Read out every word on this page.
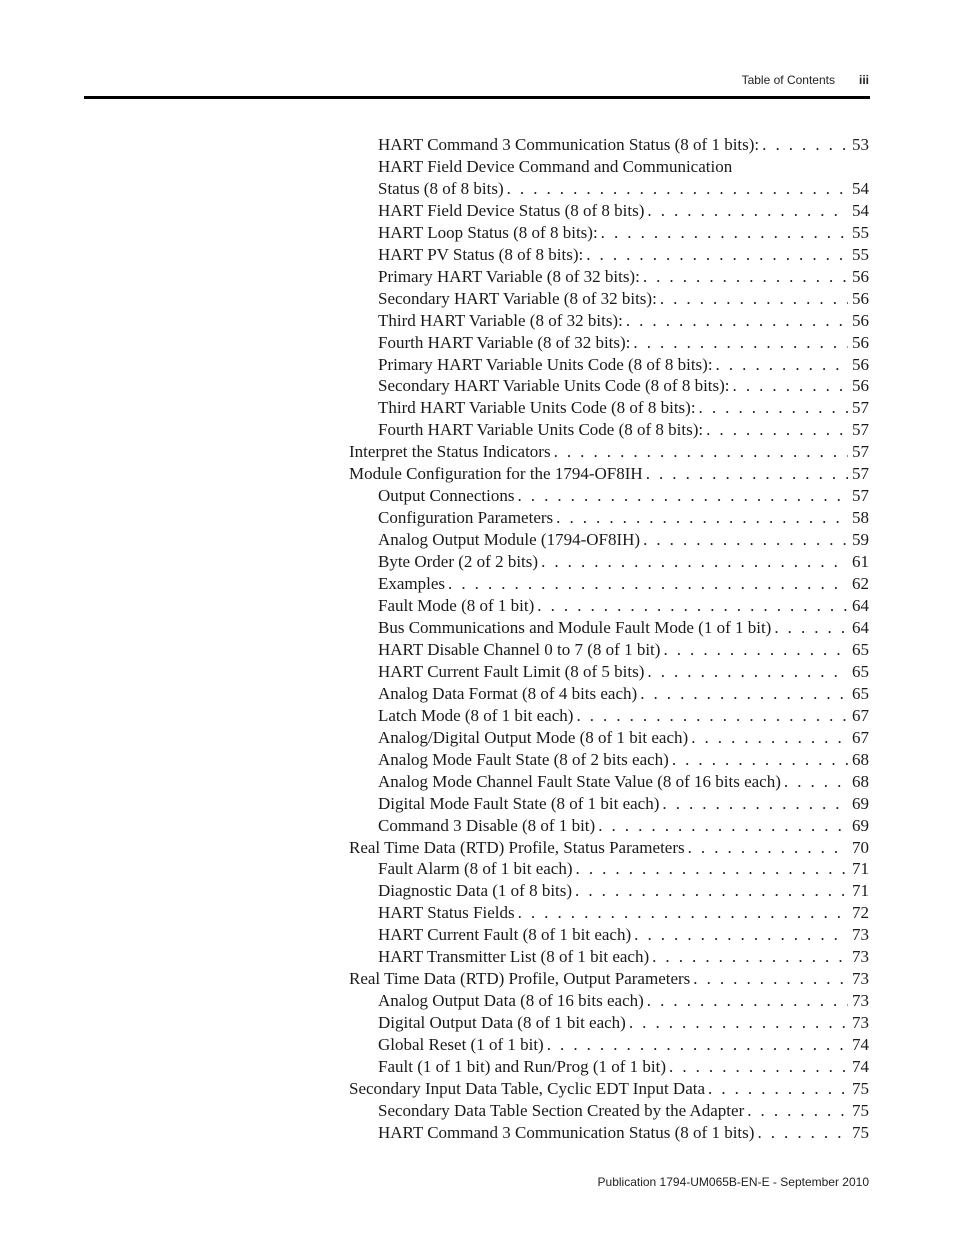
Table of Contents iii
HART Command 3 Communication Status (8 of 1 bits): . . .	53
HART Field Device Command and Communication
Status (8 of 8 bits) . . .	54
HART Field Device Status (8 of 8 bits) . . .	54
HART Loop Status (8 of 8 bits): . . .	55
HART PV Status (8 of 8 bits): . . .	55
Primary HART Variable (8 of 32 bits): . . .	56
Secondary HART Variable (8 of 32 bits): . . .	56
Third HART Variable (8 of 32 bits): . . .	56
Fourth HART Variable (8 of 32 bits): . . .	56
Primary HART Variable Units Code (8 of 8 bits): . . .	56
Secondary HART Variable Units Code (8 of 8 bits): . . .	56
Third HART Variable Units Code (8 of 8 bits): . . .	57
Fourth HART Variable Units Code (8 of 8 bits): . . .	57
Interpret the Status Indicators . . .	57
Module Configuration for the 1794-OF8IH . . .	57
Output Connections . . .	57
Configuration Parameters . . .	58
Analog Output Module (1794-OF8IH) . . .	59
Byte Order (2 of 2 bits) . . .	61
Examples . . .	62
Fault Mode (8 of 1 bit) . . .	64
Bus Communications and Module Fault Mode (1 of 1 bit) . . .	64
HART Disable Channel 0 to 7 (8 of 1 bit) . . .	65
HART Current Fault Limit (8 of 5 bits) . . .	65
Analog Data Format (8 of 4 bits each) . . .	65
Latch Mode (8 of 1 bit each) . . .	67
Analog/Digital Output Mode (8 of 1 bit each) . . .	67
Analog Mode Fault State (8 of 2 bits each) . . .	68
Analog Mode Channel Fault State Value (8 of 16 bits each) . . .	68
Digital Mode Fault State (8 of 1 bit each) . . .	69
Command 3 Disable (8 of 1 bit) . . .	69
Real Time Data (RTD) Profile, Status Parameters . . .	70
Fault Alarm (8 of 1 bit each) . . .	71
Diagnostic Data (1 of 8 bits) . . .	71
HART Status Fields . . .	72
HART Current Fault (8 of 1 bit each) . . .	73
HART Transmitter List (8 of 1 bit each) . . .	73
Real Time Data (RTD) Profile, Output Parameters . . .	73
Analog Output Data (8 of 16 bits each) . . .	73
Digital Output Data (8 of 1 bit each) . . .	73
Global Reset (1 of 1 bit) . . .	74
Fault (1 of 1 bit) and Run/Prog (1 of 1 bit) . . .	74
Secondary Input Data Table, Cyclic EDT Input Data . . .	75
Secondary Data Table Section Created by the Adapter . . .	75
HART Command 3 Communication Status (8 of 1 bits) . . .	75
Publication 1794-UM065B-EN-E - September 2010
